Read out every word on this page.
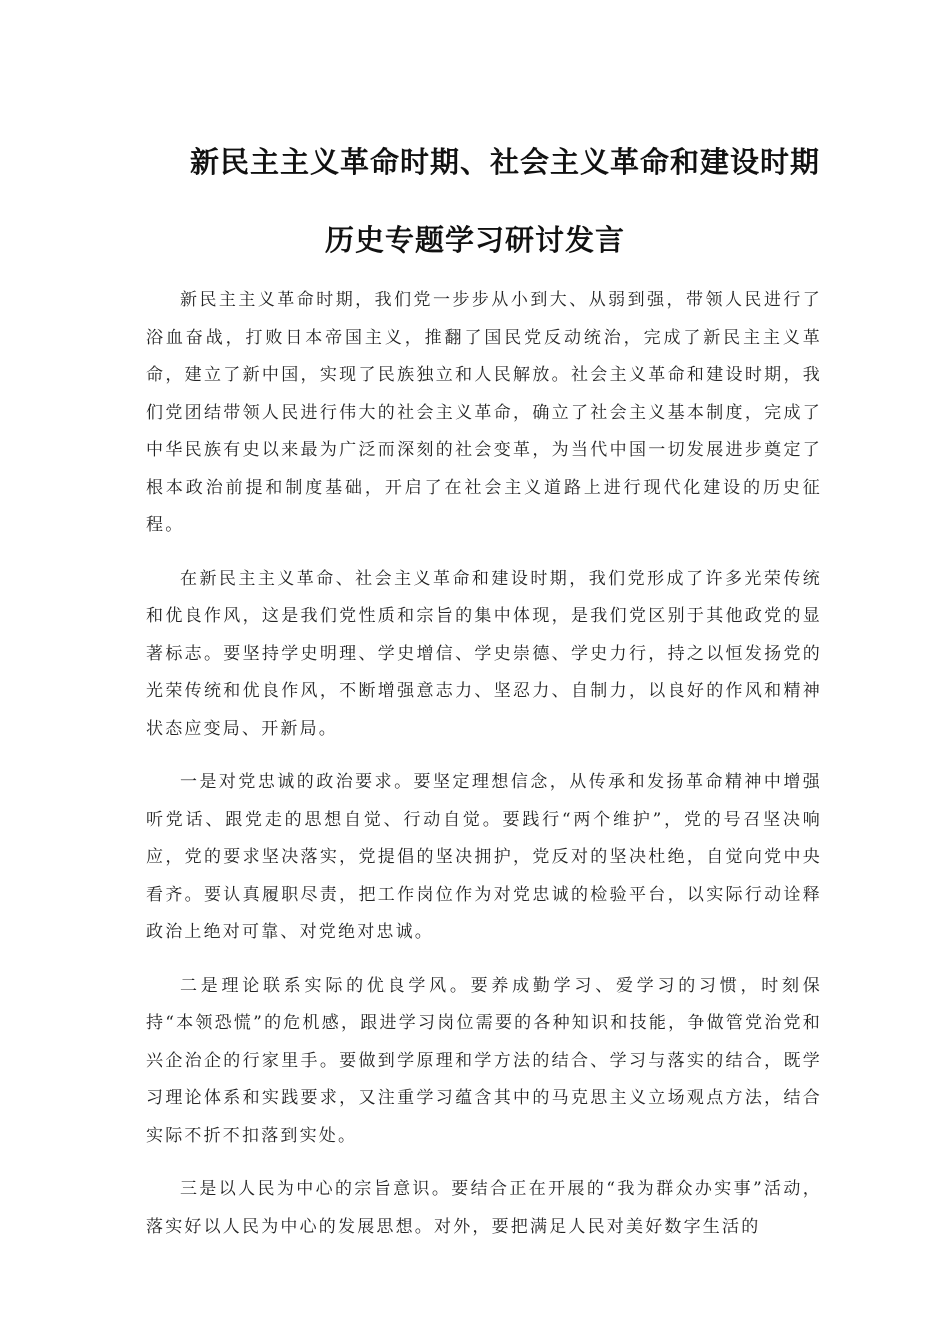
新民主主义革命时期、社会主义革命和建设时期
历史专题学习研讨发言

新民主主义革命时期，我们党一步步从小到大、从弱到强，带领人民进行了浴血奋战，打败日本帝国主义，推翻了国民党反动统治，完成了新民主主义革命，建立了新中国，实现了民族独立和人民解放。社会主义革命和建设时期，我们党团结带领人民进行伟大的社会主义革命，确立了社会主义基本制度，完成了中华民族有史以来最为广泛而深刻的社会变革，为当代中国一切发展进步奠定了根本政治前提和制度基础，开启了在社会主义道路上进行现代化建设的历史征程。

在新民主主义革命、社会主义革命和建设时期，我们党形成了许多光荣传统和优良作风，这是我们党性质和宗旨的集中体现，是我们党区别于其他政党的显著标志。要坚持学史明理、学史增信、学史崇德、学史力行，持之以恒发扬党的光荣传统和优良作风，不断增强意志力、坚忍力、自制力，以良好的作风和精神状态应变局、开新局。

一是对党忠诚的政治要求。要坚定理想信念，从传承和发扬革命精神中增强听党话、跟党走的思想自觉、行动自觉。要践行“两个维护”，党的号召坚决响应，党的要求坚决落实，党提倡的坚决拥护，党反对的坚决杜绝，自觉向党中央看齐。要认真履职尽责，把工作岗位作为对党忠诚的检验平台，以实际行动诠释政治上绝对可靠、对党绝对忠诚。

二是理论联系实际的优良学风。要养成勤学习、爱学习的习惯，时刻保持“本领恐慌”的危机感，跟进学习岗位需要的各种知识和技能，争做管党治党和兴企治企的行家里手。要做到学原理和学方法的结合、学习与落实的结合，既学习理论体系和实践要求，又注重学习蕴含其中的马克思主义立场观点方法，结合实际不折不扣落到实处。

三是以人民为中心的宗旨意识。要结合正在开展的“我为群众办实事”活动，落实好以人民为中心的发展思想。对外，要把满足人民对美好数字生活的
